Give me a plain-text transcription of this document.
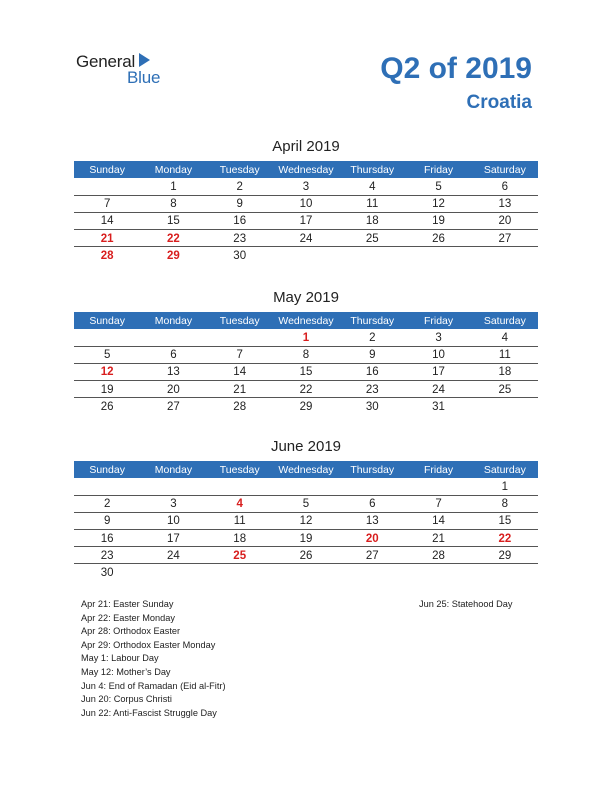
General
Blue	Q2 of 2019
Croatia
April 2019
Sunday	Monday	Tuesday	Wednesday	Thursday	Friday	Saturday
	1	2	3	4	5	6
7	8	9	10	11	12	13
14	15	16	17	18	19	20
21	22	23	24	25	26	27
28	29	30				
May 2019
Sunday	Monday	Tuesday	Wednesday	Thursday	Friday	Saturday
			1	2	3	4
5	6	7	8	9	10	11
12	13	14	15	16	17	18
19	20	21	22	23	24	25
26	27	28	29	30	31	
June 2019
Sunday	Monday	Tuesday	Wednesday	Thursday	Friday	Saturday
						1
2	3	4	5	6	7	8
9	10	11	12	13	14	15
16	17	18	19	20	21	22
23	24	25	26	27	28	29
30						
Apr 21: Easter Sunday
Apr 22: Easter Monday
Apr 28: Orthodox Easter
Apr 29: Orthodox Easter Monday
May 1: Labour Day
May 12: Mother’s Day
Jun 4: End of Ramadan (Eid al-Fitr)
Jun 20: Corpus Christi
Jun 22: Anti-Fascist Struggle Day
Jun 25: Statehood Day
